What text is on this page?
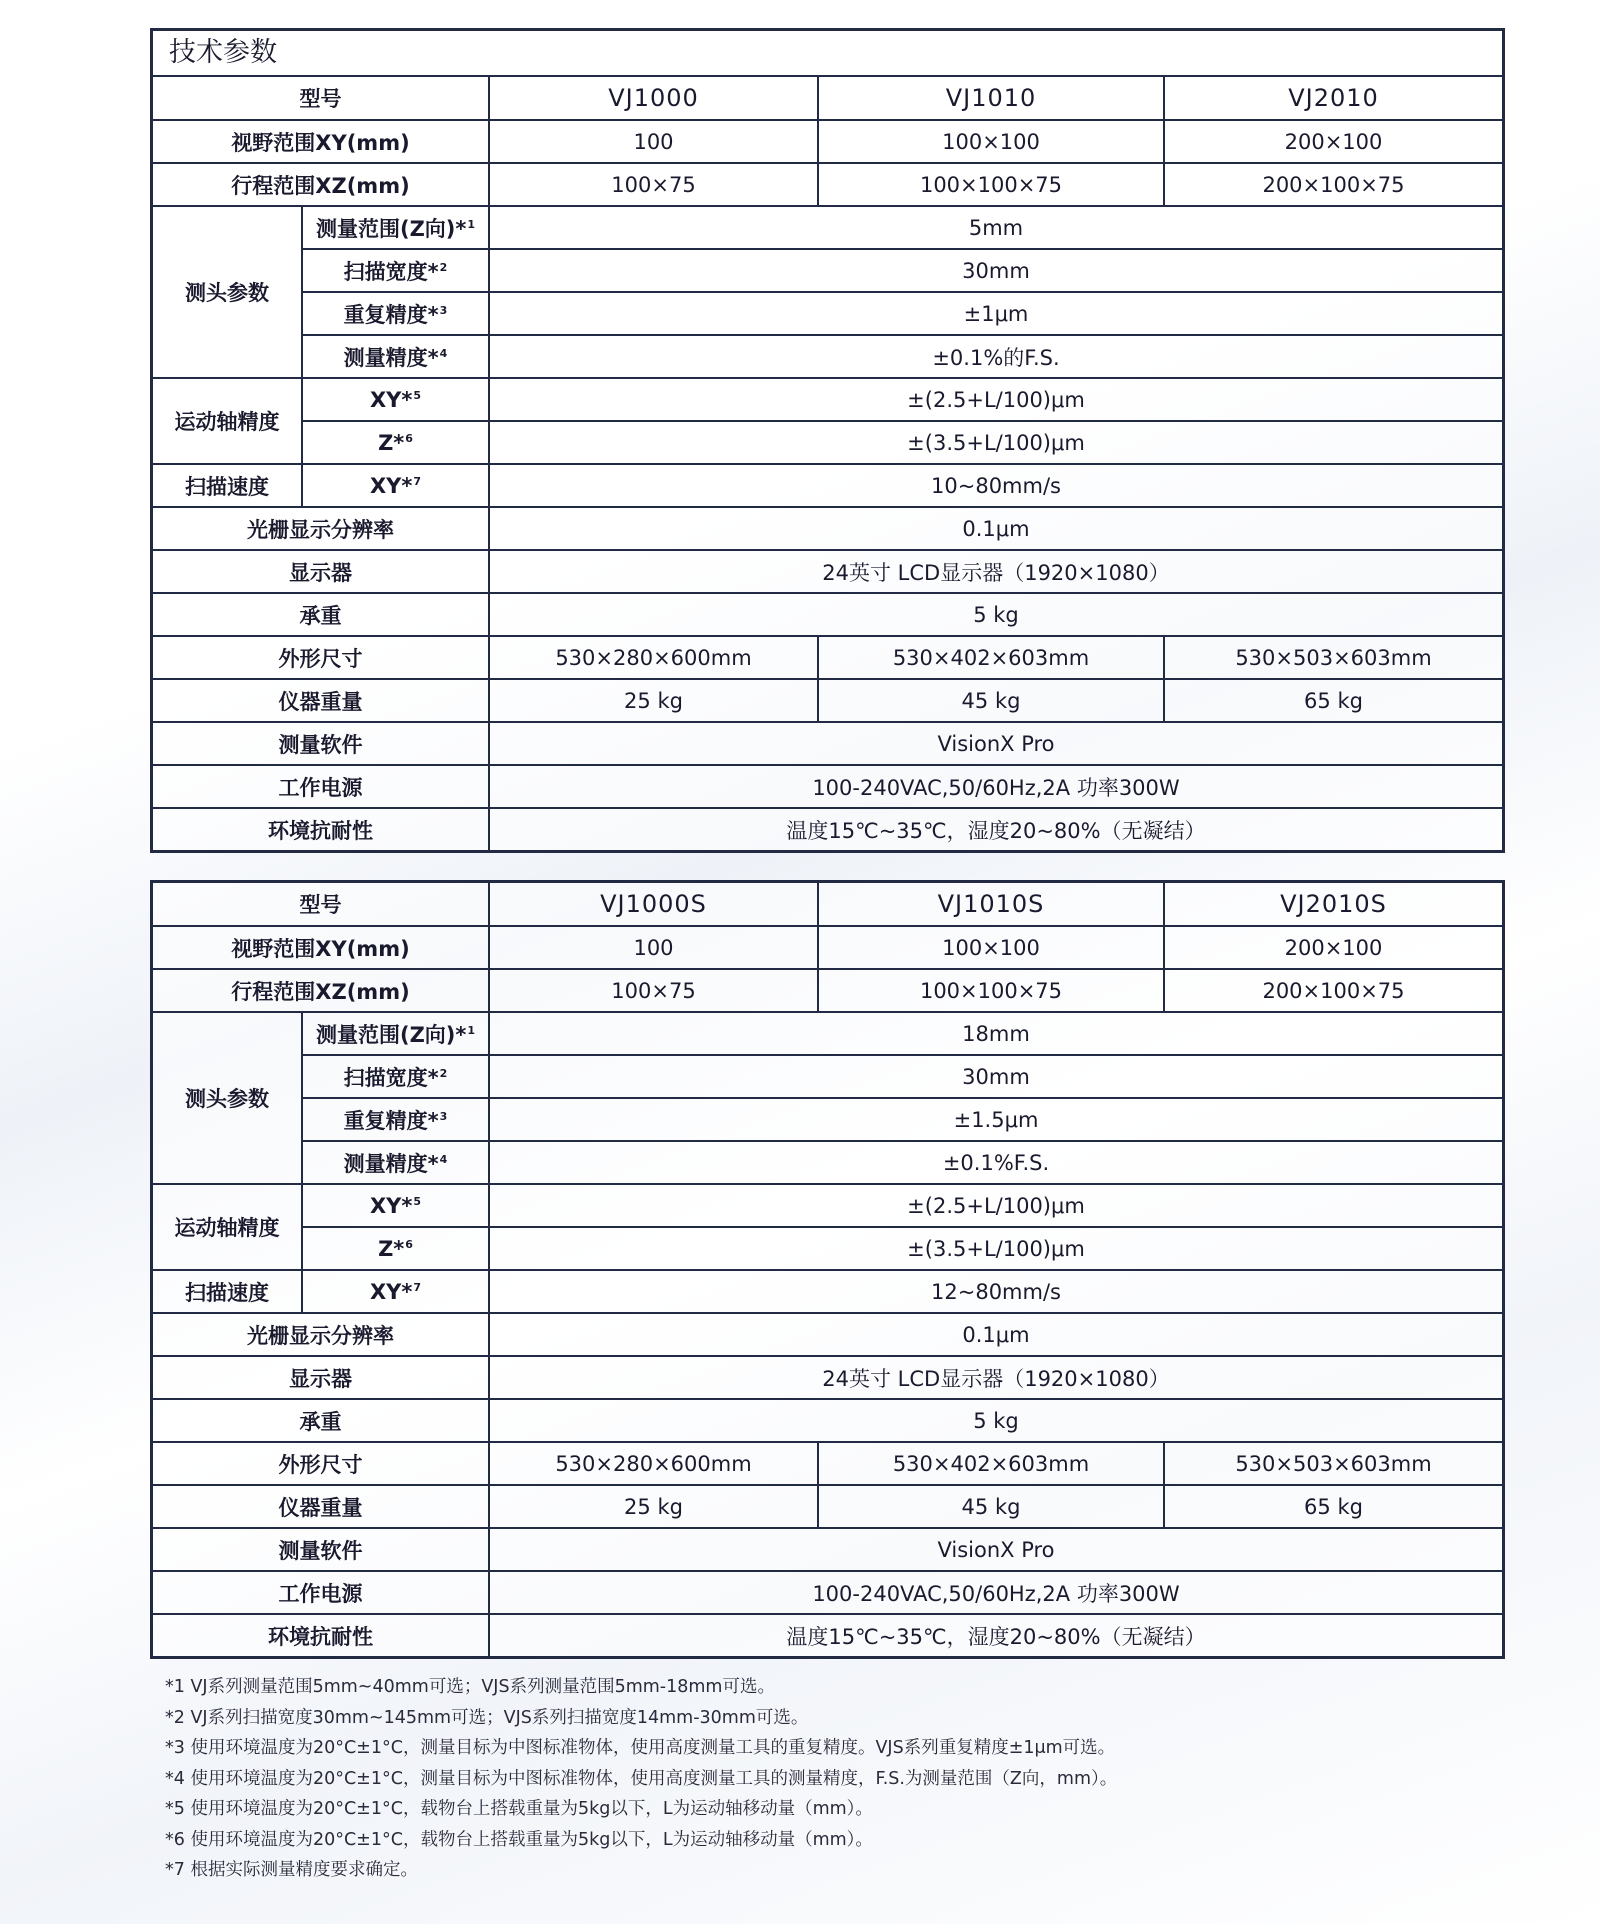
技术参数
型号		VJ1000	VJ1010	VJ2010
视野范围XY(mm)		100	100×100	200×100
行程范围XZ(mm)		100×75	100×100×75	200×100×75
测头参数	测量范围(Z向)*$^1$	5mm		
	扫描宽度*$^2$	30mm		
	重复精度*$^3$	±1μm		
	测量精度*$^4$	±0.1%的F.S.		
运动轴精度	XY*$^5$	±(2.5+L/100)μm		
	Z*$^6$	±(3.5+L/100)μm		
扫描速度	XY*$^7$	10~80mm/s		
光栅显示分辨率		0.1μm		
显示器		24英寸 LCD显示器（1920×1080）		
承重		5 kg		
外形尺寸		530×280×600mm	530×402×603mm	530×503×603mm
仪器重量		25 kg	45 kg	65 kg
测量软件		VisionX Pro		
工作电源		100-240VAC,50/60Hz,2A 功率300W		
环境抗耐性		温度15℃~35℃，湿度20~80%（无凝结）		
型号		VJ1000S	VJ1010S	VJ2010S
视野范围XY(mm)		100	100×100	200×100
行程范围XZ(mm)		100×75	100×100×75	200×100×75
测头参数	测量范围(Z向)*$^1$	18mm		
	扫描宽度*$^2$	30mm		
	重复精度*$^3$	±1.5μm		
	测量精度*$^4$	±0.1%F.S.		
运动轴精度	XY*$^5$	±(2.5+L/100)μm		
	Z*$^6$	±(3.5+L/100)μm		
扫描速度	XY*$^7$	12~80mm/s		
光栅显示分辨率		0.1μm		
显示器		24英寸 LCD显示器（1920×1080）		
承重		5 kg		
外形尺寸		530×280×600mm	530×402×603mm	530×503×603mm
仪器重量		25 kg	45 kg	65 kg
测量软件		VisionX Pro		
工作电源		100-240VAC,50/60Hz,2A 功率300W		
环境抗耐性		温度15℃~35℃，湿度20~80%（无凝结）		
*1 VJ系列测量范围5mm~40mm可选；VJS系列测量范围5mm-18mm可选。
*2 VJ系列扫描宽度30mm~145mm可选；VJS系列扫描宽度14mm-30mm可选。
*3 使用环境温度为20°C±1°C，测量目标为中图标准物体，使用高度测量工具的重复精度。VJS系列重复精度±1μm可选。
*4 使用环境温度为20°C±1°C，测量目标为中图标准物体，使用高度测量工具的测量精度，F.S.为测量范围（Z向，mm）。
*5 使用环境温度为20°C±1°C，载物台上搭载重量为5kg以下，L为运动轴移动量（mm）。
*6 使用环境温度为20°C±1°C，载物台上搭载重量为5kg以下，L为运动轴移动量（mm）。
*7 根据实际测量精度要求确定。
